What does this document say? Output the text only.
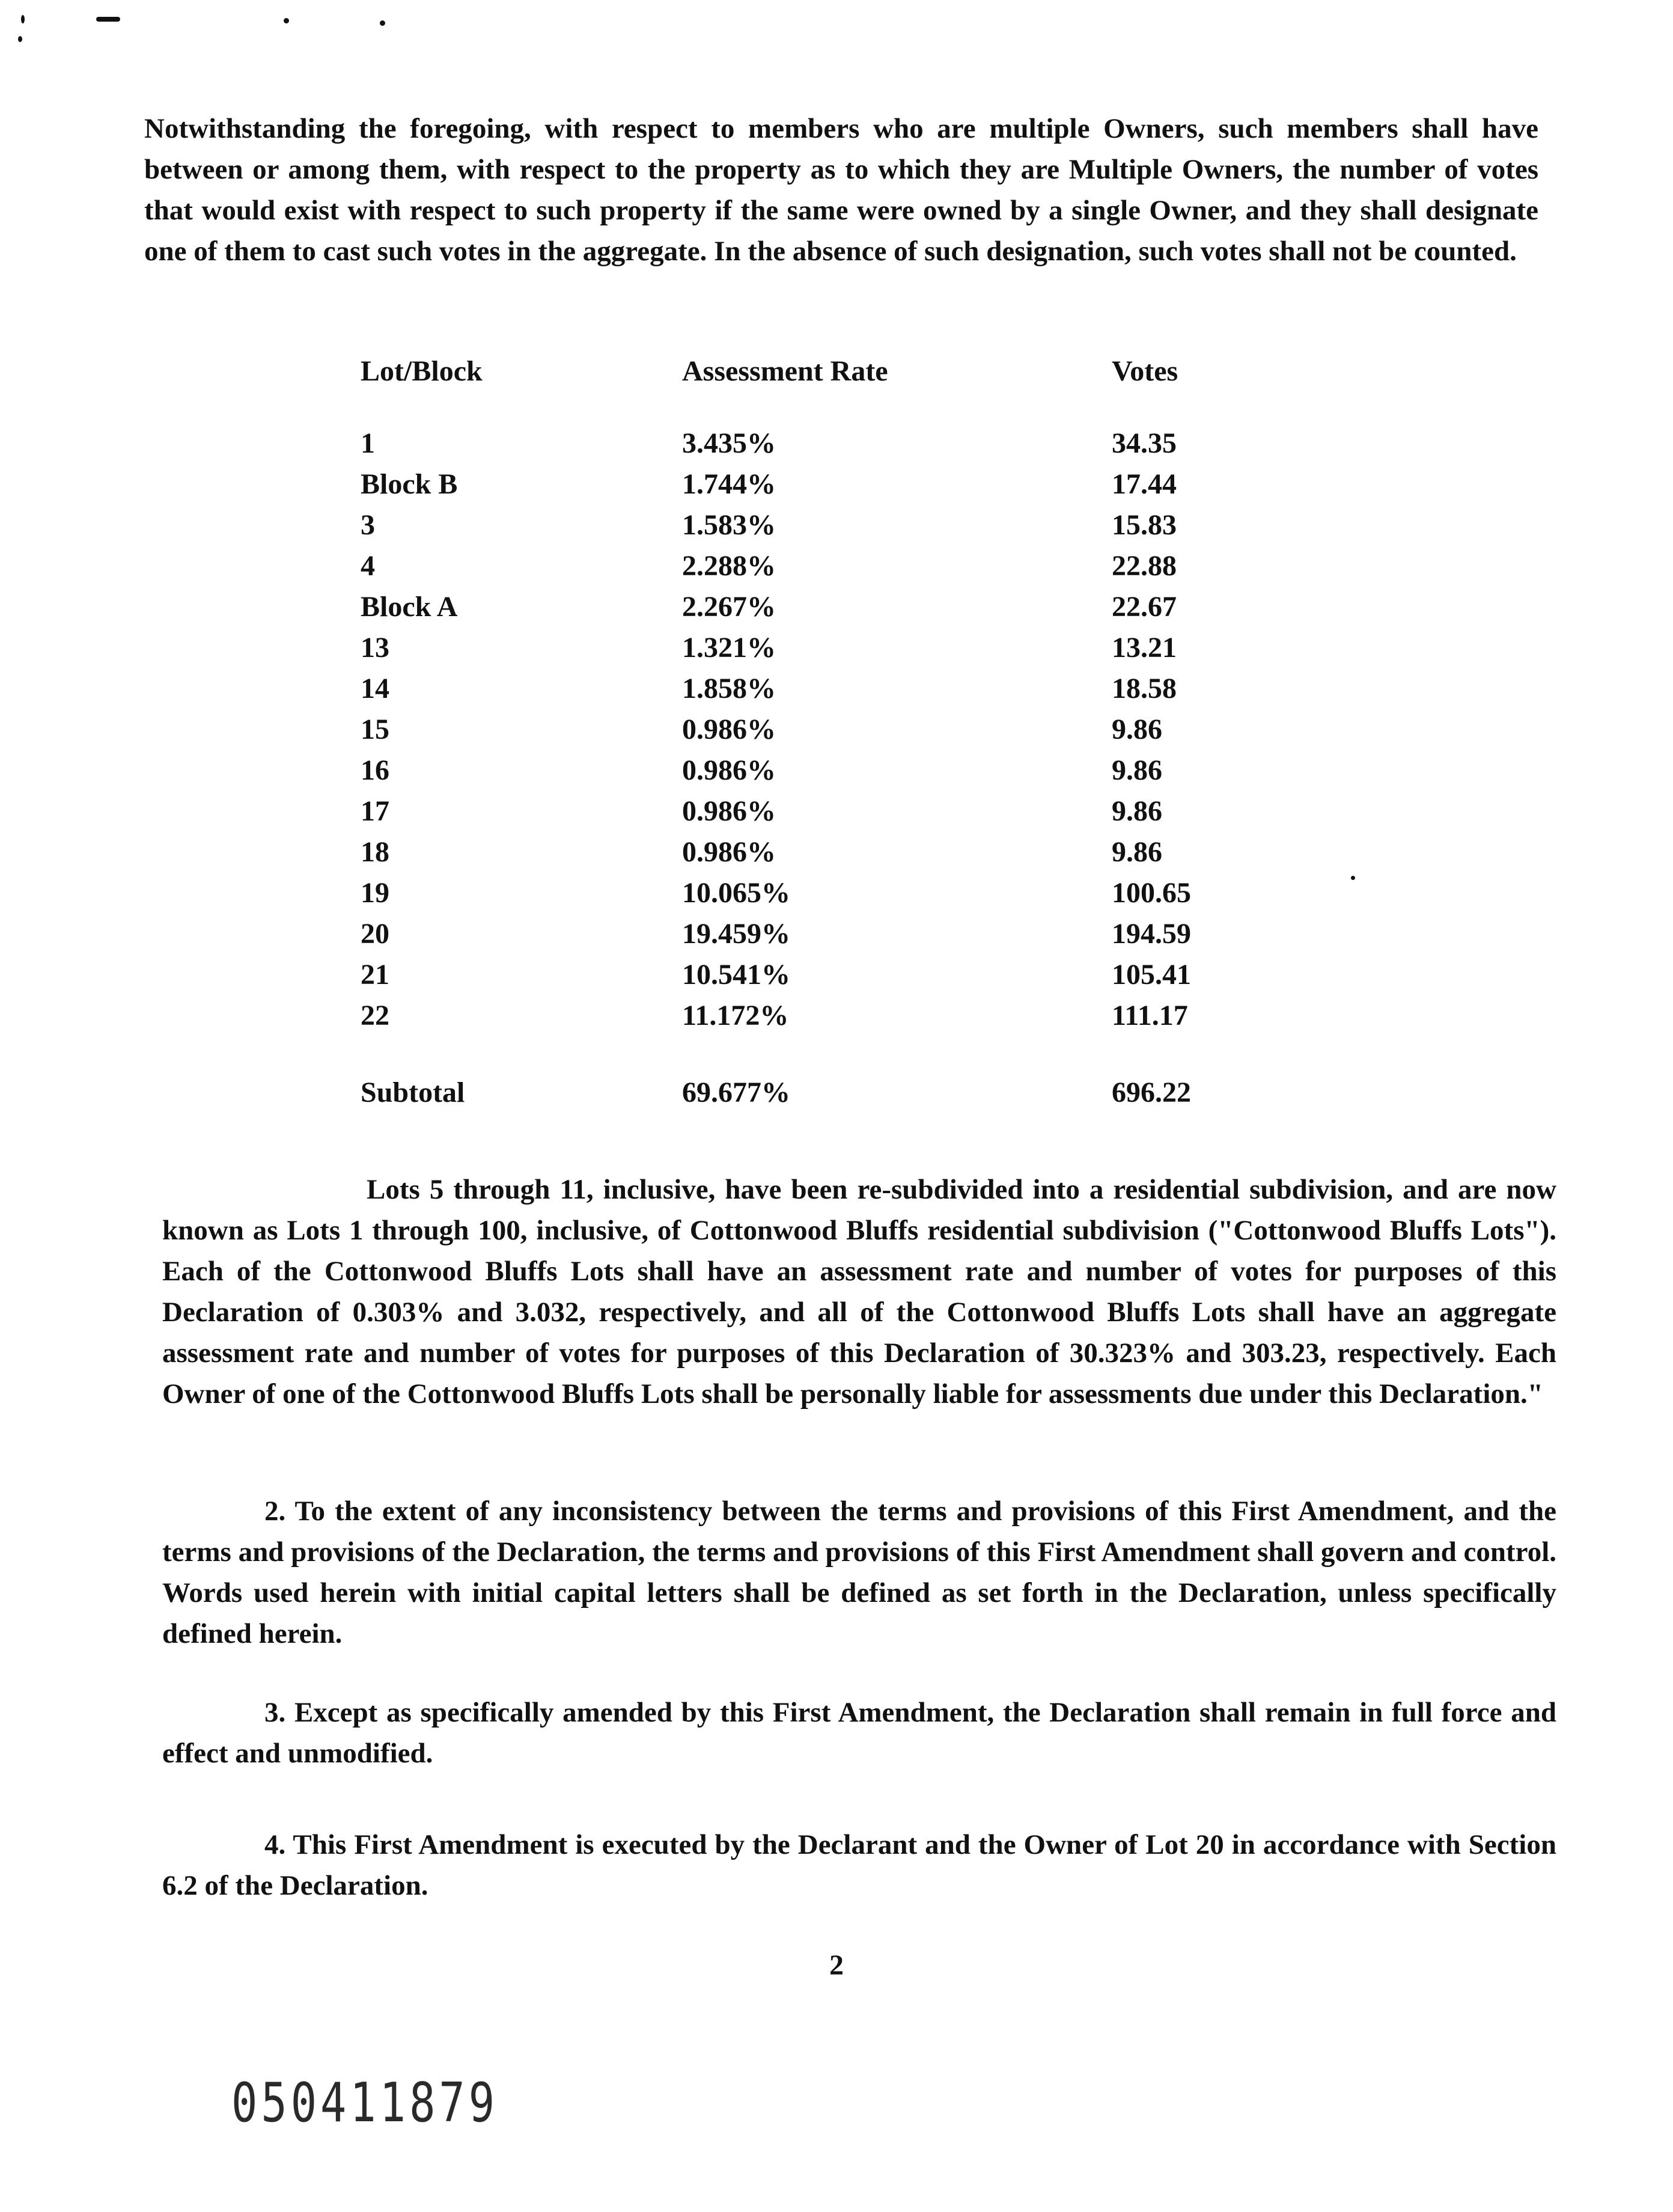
Notwithstanding the foregoing, with respect to members who are multiple Owners, such members shall have between or among them, with respect to the property as to which they are Multiple Owners, the number of votes that would exist with respect to such property if the same were owned by a single Owner, and they shall designate one of them to cast such votes in the aggregate. In the absence of such designation, such votes shall not be counted.
Lot/Block	Assessment Rate	Votes
1	3.435%	34.35
Block B	1.744%	17.44
3	1.583%	15.83
4	2.288%	22.88
Block A	2.267%	22.67
13	1.321%	13.21
14	1.858%	18.58
15	0.986%	9.86
16	0.986%	9.86
17	0.986%	9.86
18	0.986%	9.86
19	10.065%	100.65
20	19.459%	194.59
21	10.541%	105.41
22	11.172%	111.17
Subtotal	69.677%	696.22
Lots 5 through 11, inclusive, have been re-subdivided into a residential subdivision, and are now known as Lots 1 through 100, inclusive, of Cottonwood Bluffs residential subdivision ("Cottonwood Bluffs Lots"). Each of the Cottonwood Bluffs Lots shall have an assessment rate and number of votes for purposes of this Declaration of 0.303% and 3.032, respectively, and all of the Cottonwood Bluffs Lots shall have an aggregate assessment rate and number of votes for purposes of this Declaration of 30.323% and 303.23, respectively. Each Owner of one of the Cottonwood Bluffs Lots shall be personally liable for assessments due under this Declaration."
2. To the extent of any inconsistency between the terms and provisions of this First Amendment, and the terms and provisions of the Declaration, the terms and provisions of this First Amendment shall govern and control. Words used herein with initial capital letters shall be defined as set forth in the Declaration, unless specifically defined herein.
3. Except as specifically amended by this First Amendment, the Declaration shall remain in full force and effect and unmodified.
4. This First Amendment is executed by the Declarant and the Owner of Lot 20 in accordance with Section 6.2 of the Declaration.
2
050411879
